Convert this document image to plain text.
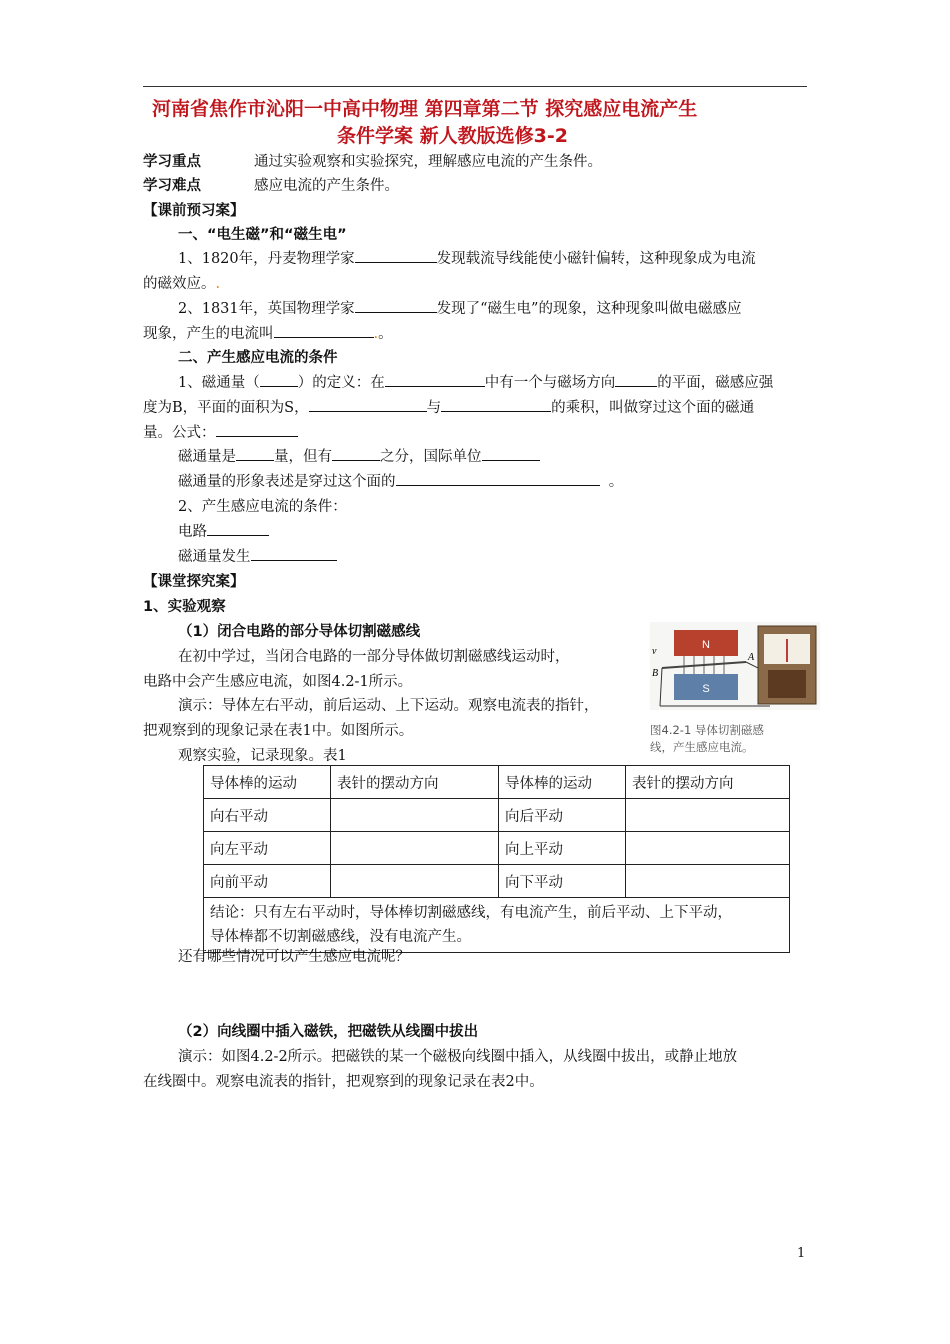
河南省焦作市沁阳一中高中物理 第四章第二节 探究感应电流产生
条件学案 新人教版选修3-2
学习重点	通过实验观察和实验探究，理解感应电流的产生条件。
学习难点	感应电流的产生条件。
【课前预习案】
一、“电生磁”和“磁生电”
1、1820年，丹麦物理学家	发现载流导线能使小磁针偏转，这种现象成为电流
的磁效应。.
2、1831年，英国物理学家	发现了“磁生电”的现象，这种现象叫做电磁感应
现象，产生的电流叫	.。
二、产生感应电流的条件
1、磁通量（	）的定义：在	中有一个与磁场方向	的平面，磁感应强
度为B，平面的面积为S，	与	的乘积，叫做穿过这个面的磁通
量。公式：
磁通量是	量，但有	之分，国际单位
磁通量的形象表述是穿过这个面的	。
2、产生感应电流的条件：
电路
磁通量发生
【课堂探究案】
1、实验观察
（1）闭合电路的部分导体切割磁感线
在初中学过，当闭合电路的一部分导体做切割磁感线运动时，
电路中会产生感应电流，如图4.2-1所示。
演示：导体左右平动，前后运动、上下运动。观察电流表的指针，
把观察到的现象记录在表1中。如图所示。
观察实验，记录现象。表1
N
S
A
B
v
图4.2-1 导体切割磁感
线，产生感应电流。
导体棒的运动	表针的摆动方向	导体棒的运动	表针的摆动方向
向右平动		向后平动	
向左平动		向上平动	
向前平动		向下平动	

结论：只有左右平动时，导体棒切割磁感线，有电流产生，前后平动、上下平动，
导体棒都不切割磁感线，没有电流产生。			
还有哪些情况可以产生感应电流呢？
（2）向线圈中插入磁铁，把磁铁从线圈中拔出
演示：如图4.2-2所示。把磁铁的某一个磁极向线圈中插入，从线圈中拔出，或静止地放
在线圈中。观察电流表的指针，把观察到的现象记录在表2中。
1
